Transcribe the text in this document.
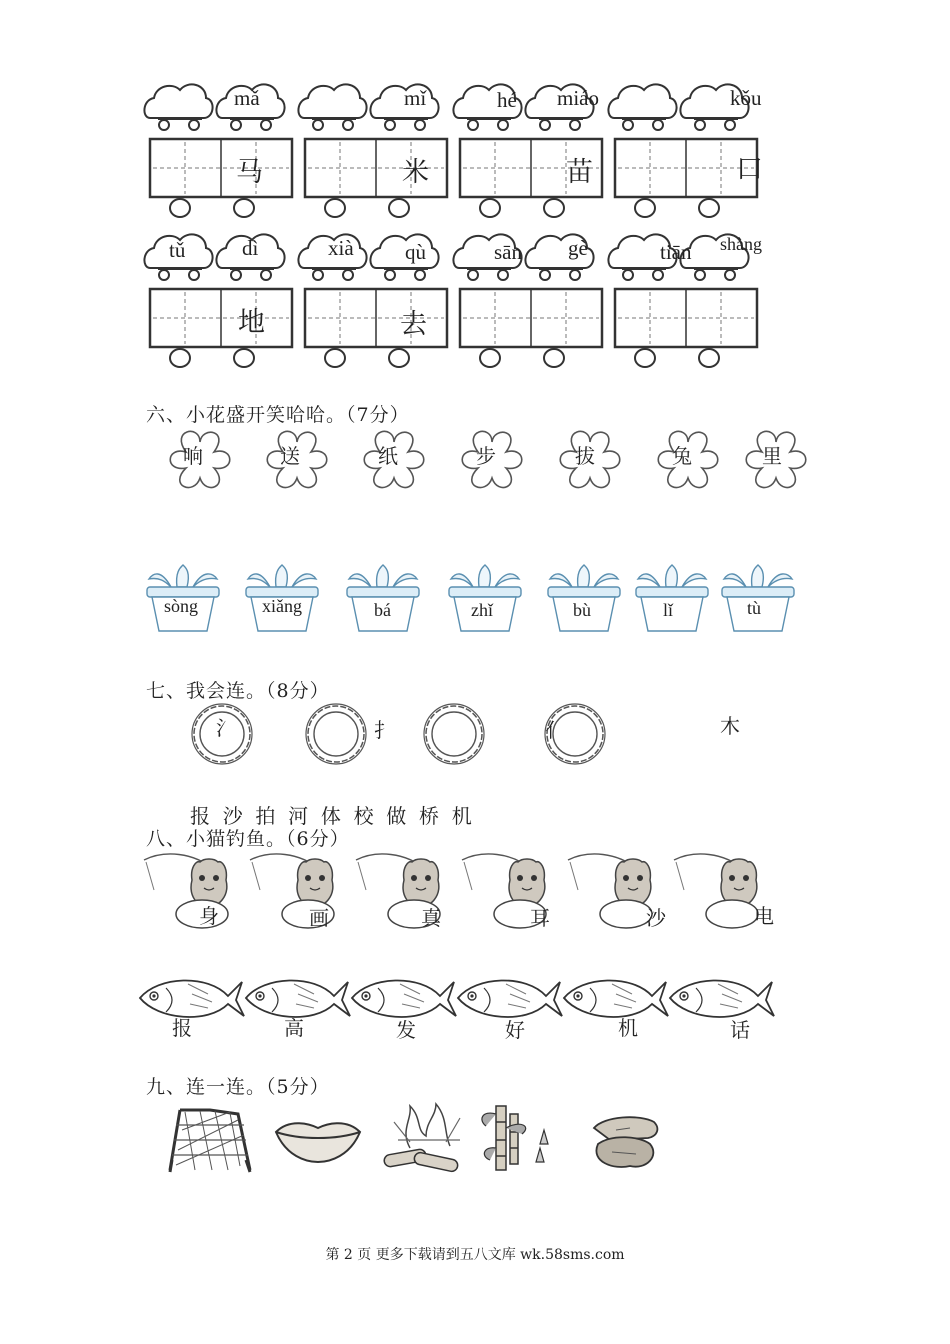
mǎ	mǐ	hé miáo	kǒu
马	米	苗	口
tǔ	dì	xià qù	sān gè	tiān shàng
地	去
六、小花盛开笑哈哈。（7分）
响	送	纸	步	拔	兔	里
sòng	xiǎng	bá	zhǐ	bù	lǐ	tù
七、我会连。（8分）
氵	扌	亻	木
报  沙  拍  河  体  校  做  桥  机
八、小猫钓鱼。（6分）
身	画	真	耳	沙	电
报	高	发	好	机	话
九、连一连。（5分）
第 2 页 更多下载请到五八文库 wk.58sms.com
